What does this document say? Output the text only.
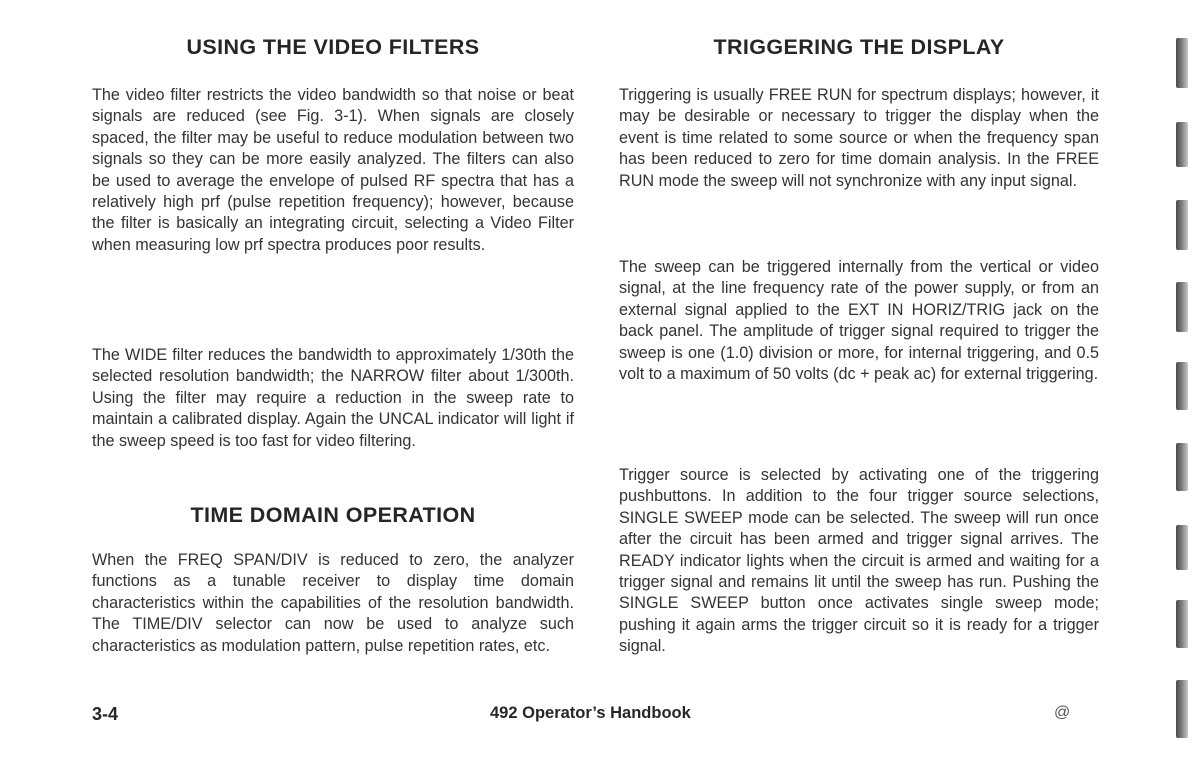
USING THE VIDEO FILTERS

The video filter restricts the video bandwidth so that noise or beat signals are reduced (see Fig. 3-1). When signals are closely spaced, the filter may be useful to reduce modulation between two signals so they can be more easily analyzed. The filters can also be used to average the envelope of pulsed RF spectra that has a relatively high prf (pulse repetition frequency); however, because the filter is basically an integrating circuit, selecting a Video Filter when measuring low prf spectra produces poor results.

The WIDE filter reduces the bandwidth to approximately 1/30th the selected resolution bandwidth; the NARROW filter about 1/300th. Using the filter may require a reduction in the sweep rate to maintain a calibrated display. Again the UNCAL indicator will light if the sweep speed is too fast for video filtering.

TIME DOMAIN OPERATION

When the FREQ SPAN/DIV is reduced to zero, the analyzer functions as a tunable receiver to display time domain characteristics within the capabilities of the resolution bandwidth. The TIME/DIV selector can now be used to analyze such characteristics as modulation pattern, pulse repetition rates, etc.

TRIGGERING THE DISPLAY

Triggering is usually FREE RUN for spectrum displays; however, it may be desirable or necessary to trigger the display when the event is time related to some source or when the frequency span has been reduced to zero for time domain analysis. In the FREE RUN mode the sweep will not synchronize with any input signal.

The sweep can be triggered internally from the vertical or video signal, at the line frequency rate of the power supply, or from an external signal applied to the EXT IN HORIZ/TRIG jack on the back panel. The amplitude of trigger signal required to trigger the sweep is one (1.0) division or more, for internal triggering, and 0.5 volt to a maximum of 50 volts (dc + peak ac) for external triggering.

Trigger source is selected by activating one of the triggering pushbuttons. In addition to the four trigger source selections, SINGLE SWEEP mode can be selected. The sweep will run once after the circuit has been armed and trigger signal arrives. The READY indicator lights when the circuit is armed and waiting for a trigger signal and remains lit until the sweep has run. Pushing the SINGLE SWEEP button once activates single sweep mode; pushing it again arms the trigger circuit so it is ready for a trigger signal.

3-4	492 Operator’s Handbook	@
